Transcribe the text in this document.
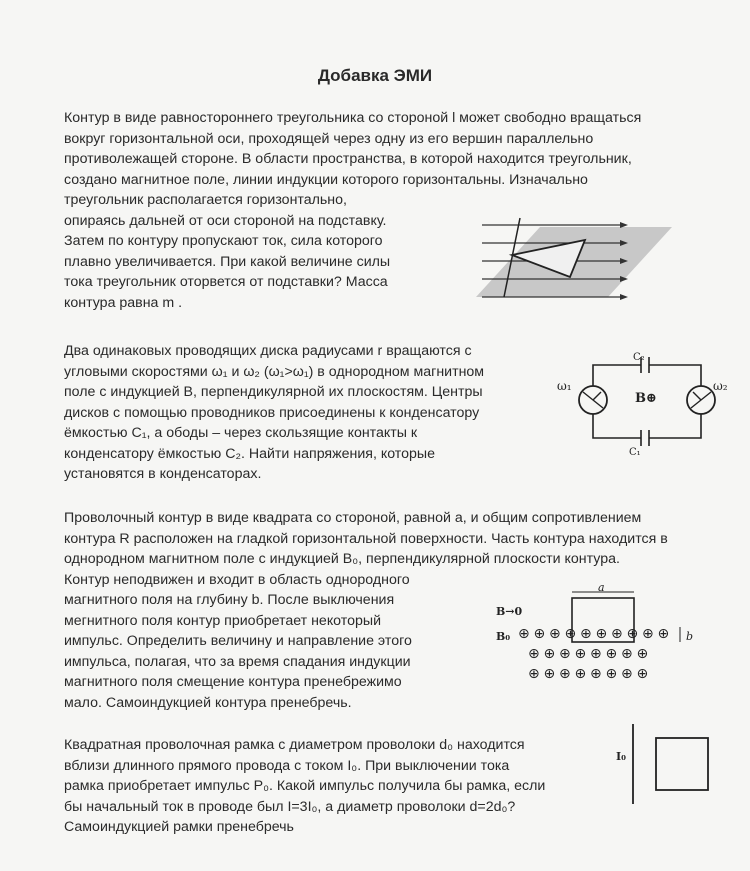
Добавка ЭМИ
Контур в виде равностороннего треугольника со стороной l может свободно вращаться
вокруг горизонтальной оси, проходящей через одну из его вершин параллельно
противолежащей стороне. В области пространства, в которой находится треугольник,
создано магнитное поле, линии индукции которого горизонтальны. Изначально
треугольник располагается горизонтально,
опираясь дальней от оси стороной на подставку.
Затем по контуру пропускают ток, сила которого
плавно увеличивается. При какой величине силы
тока треугольник оторвется от подставки? Масса
контура равна m .
Два одинаковых проводящих диска радиусами r вращаются с
угловыми скоростями ω₁ и ω₂ (ω₁>ω₁) в однородном магнитном
поле с индукцией B, перпендикулярной их плоскостям. Центры
дисков с помощью проводников присоединены к конденсатору
ёмкостью C₁, а ободы – через скользящие контакты к
конденсатору ёмкостью C₂. Найти напряжения, которые
установятся в конденсаторах.
ω₁	ω₂
B⊕
C₂
C₁
Проволочный контур в виде квадрата со стороной, равной a, и общим сопротивлением
контура R расположен на гладкой горизонтальной поверхности. Часть контура находится в
однородном магнитном поле с индукцией B₀, перпендикулярной плоскости контура.
Контур неподвижен и входит в область однородного
магнитного поля на глубину b. После выключения
мегнитного поля контур приобретает некоторый
импульс. Определить величину и направление этого
импульса, полагая, что за время спадания индукции
магнитного поля смещение контура пренебрежимо
мало. Самоиндукцией контура пренебречь.
B→0
B₀
a
b
⊕ ⊕ ⊕ ⊕ ⊕ ⊕ ⊕ ⊕ ⊕ ⊕
⊕ ⊕ ⊕ ⊕ ⊕ ⊕ ⊕ ⊕
⊕ ⊕ ⊕ ⊕ ⊕ ⊕ ⊕ ⊕
Квадратная проволочная рамка с диаметром проволоки d₀ находится
вблизи длинного прямого провода с током I₀. При выключении тока
рамка приобретает импульс P₀. Какой импульс получила бы рамка, если
бы начальный ток в проводе был I=3I₀, а диаметр проволоки d=2d₀?
Самоиндукцией рамки пренебречь
I₀
